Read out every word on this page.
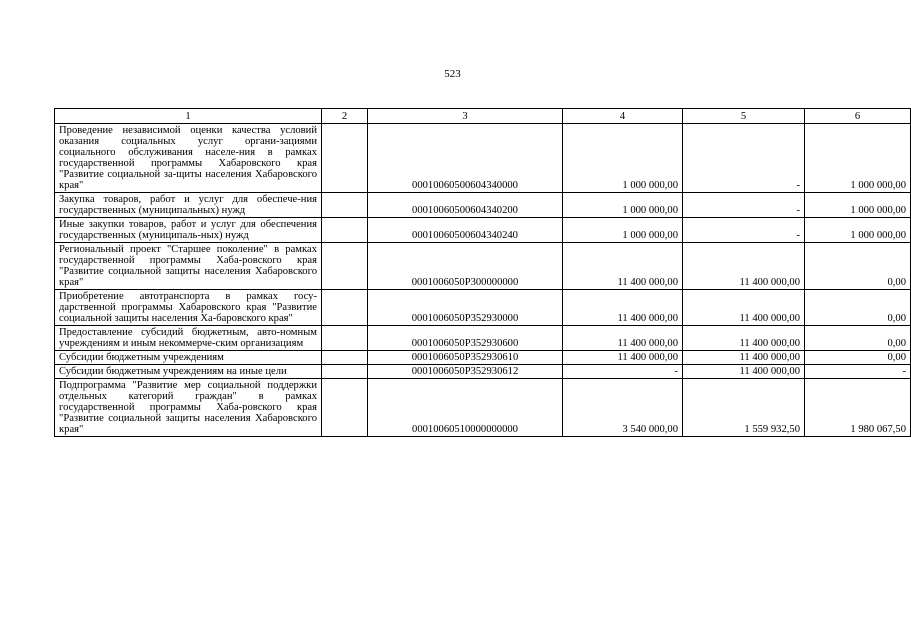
523
1	2	3	4	5	6
Проведение независимой оценки качества условий оказания социальных услуг органи-зациями социального обслуживания населе-ния в рамках государственной программы Хабаровского края "Развитие социальной за-щиты населения Хабаровского края"		00010060500604340000	1 000 000,00	-	1 000 000,00
Закупка товаров, работ и услуг для обеспече-ния государственных (муниципальных) нужд		00010060500604340200	1 000 000,00	-	1 000 000,00
Иные закупки товаров, работ и услуг для обеспечения государственных (муниципаль-ных) нужд		00010060500604340240	1 000 000,00	-	1 000 000,00
Региональный проект "Старшее поколение" в рамках государственной программы Хаба-ровского края "Развитие социальной защиты населения Хабаровского края"		0001006050P300000000	11 400 000,00	11 400 000,00	0,00
Приобретение автотранспорта в рамках госу-дарственной программы Хабаровского края "Развитие социальной защиты населения Ха-баровского края"		0001006050P352930000	11 400 000,00	11 400 000,00	0,00
Предоставление субсидий бюджетным, авто-номным учреждениям и иным некоммерче-ским организациям		0001006050P352930600	11 400 000,00	11 400 000,00	0,00
Субсидии бюджетным учреждениям		0001006050P352930610	11 400 000,00	11 400 000,00	0,00
Субсидии бюджетным учреждениям на иные цели		0001006050P352930612	-	11 400 000,00	-
Подпрограмма "Развитие мер социальной поддержки отдельных категорий граждан" в рамках государственной программы Хаба-ровского края "Развитие социальной защиты населения Хабаровского края"		00010060510000000000	3 540 000,00	1 559 932,50	1 980 067,50
